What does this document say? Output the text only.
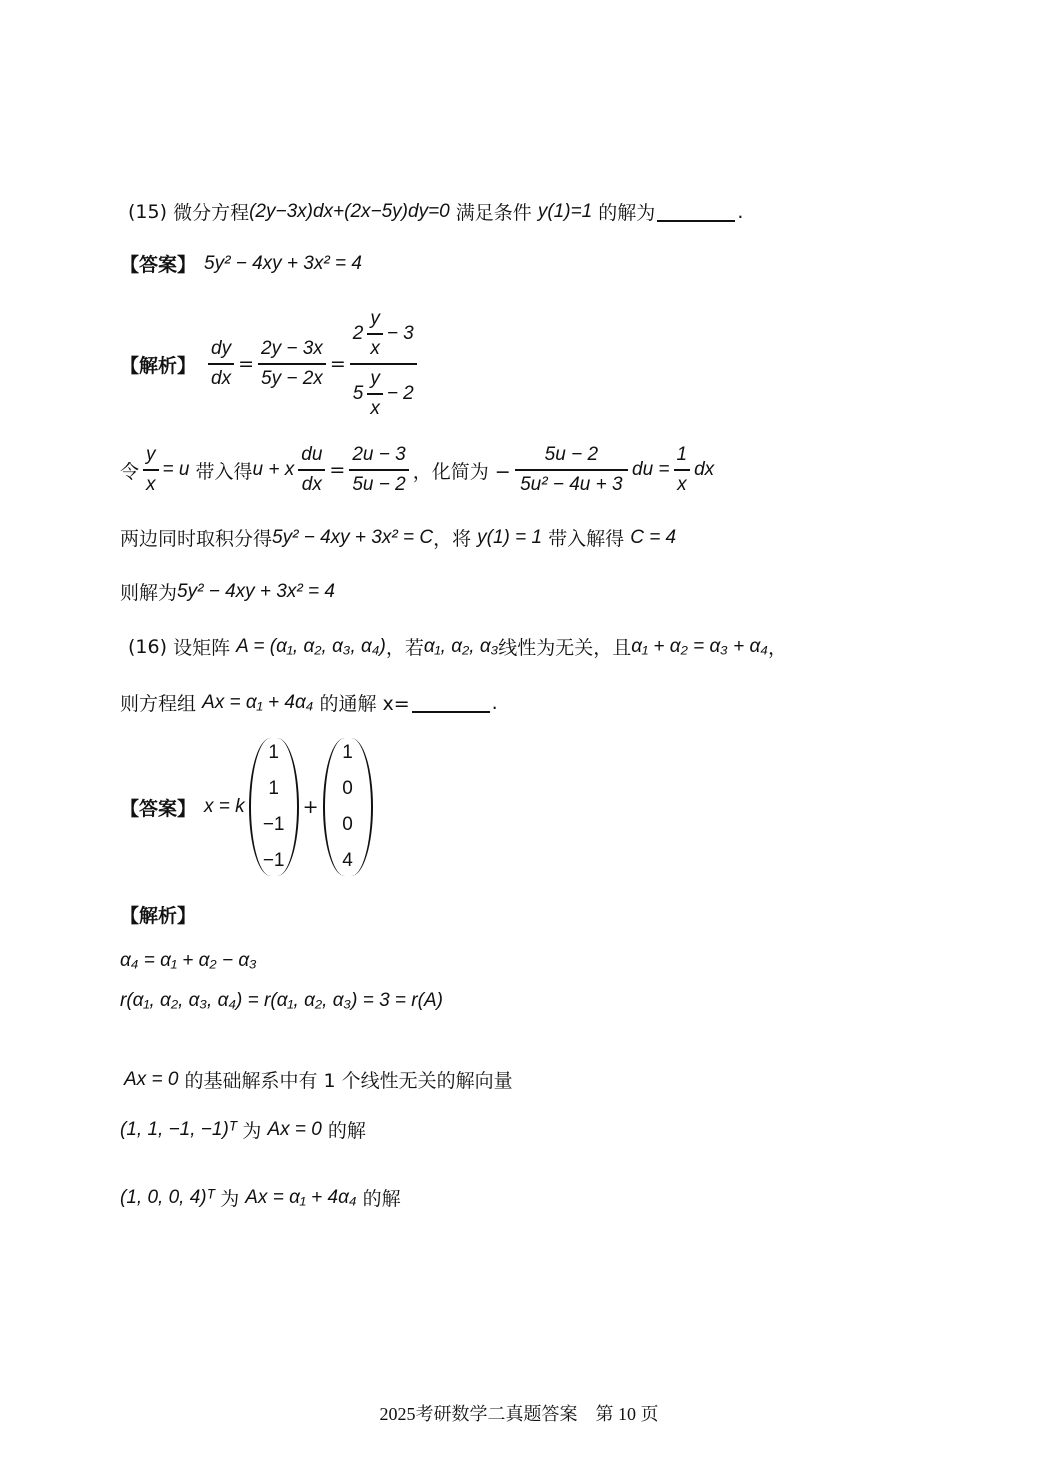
(15)
微分方程 (2y−3x)dx+(2x−5y)dy=0
满足条件
y(1)=1
的解为	.
【答案】 5y² − 4xy + 3x² = 4
【解析】 $\frac{dy}{dx} = \frac{2y - 3x}{5y - 2x} = \frac{2 \frac{y}{x} - 3}{5 \frac{y}{x} - 2}$
令 $\frac{y}{x} = u$
带入得 u + x $\frac{du}{dx} = \frac{2u - 3}{5u - 2}$ ，化简为 − $\frac{5u - 2}{\text{5u² − 4u + 3}}$ du = $\frac{1}{x}$ dx
两边同时取积分得 5y² − 4xy + 3x² = C ，将
y(1) = 1
带入解得
C = 4
则解为 5y² − 4xy + 3x² = 4
(16)
设矩阵
A = (α₁, α₂, α₃, α₄) ，若 α₁, α₂, α₃ 线性为无关，且 α₁ + α₂ = α₃ + α₄ ，
则方程组
Ax = α₁ + 4α₄
的通解 x=	.
【答案】 x = k
1
1
−1
−1
+
1
0
0
4
【解析】
α₄ = α₁ + α₂ − α₃
r(α₁, α₂, α₃, α₄) = r(α₁, α₂, α₃) = 3 = r(A)
Ax = 0
的基础解系中有 1 个线性无关的解向量
(1, 1, −1, −1)ᵀ
为
Ax = 0
的解
(1, 0, 0, 4)ᵀ
为
Ax = α₁ + 4α₄
的解
2025考研数学二真题答案　第 10 页
